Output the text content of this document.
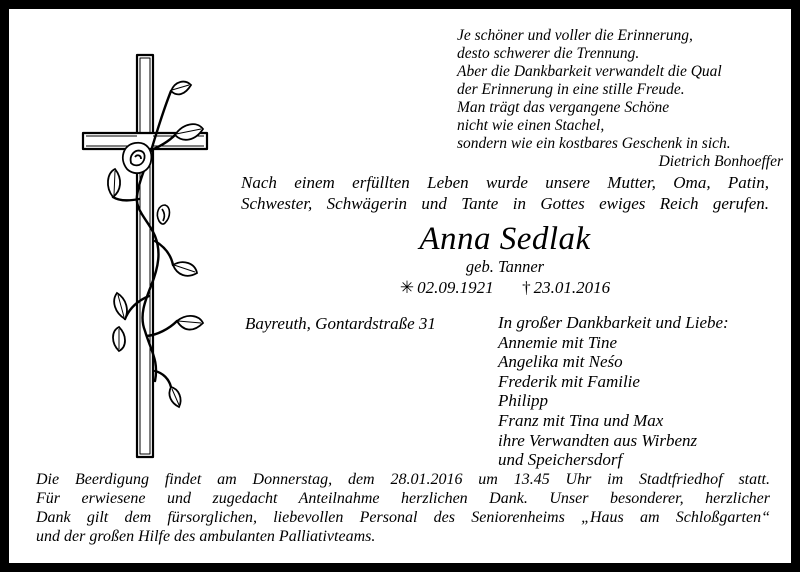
Je schöner und voller die Erinnerung,
desto schwerer die Trennung.
Aber die Dankbarkeit verwandelt die Qual
der Erinnerung in eine stille Freude.
Man trägt das vergangene Schöne
nicht wie einen Stachel,
sondern wie ein kostbares Geschenk in sich.
Dietrich Bonhoeffer
Nach einem erfüllten Leben wurde unsere Mutter, Oma, Patin,
Schwester, Schwägerin und Tante in Gottes ewiges Reich gerufen.
Anna Sedlak
geb. Tanner
✳ 02.09.1921 † 23.01.2016
Bayreuth, Gontardstraße 31	In großer Dankbarkeit und Liebe:
Annemie mit Tine
Angelika mit Neśo
Frederik mit Familie
Philipp
Franz mit Tina und Max
ihre Verwandten aus Wirbenz
und Speichersdorf
Die Beerdigung findet am Donnerstag, dem 28.01.2016 um 13.45 Uhr im Stadtfriedhof statt.
Für erwiesene und zugedacht Anteilnahme herzlichen Dank. Unser besonderer, herzlicher
Dank gilt dem fürsorglichen, liebevollen Personal des Seniorenheims „Haus am Schloßgarten“
und der großen Hilfe des ambulanten Palliativteams.
